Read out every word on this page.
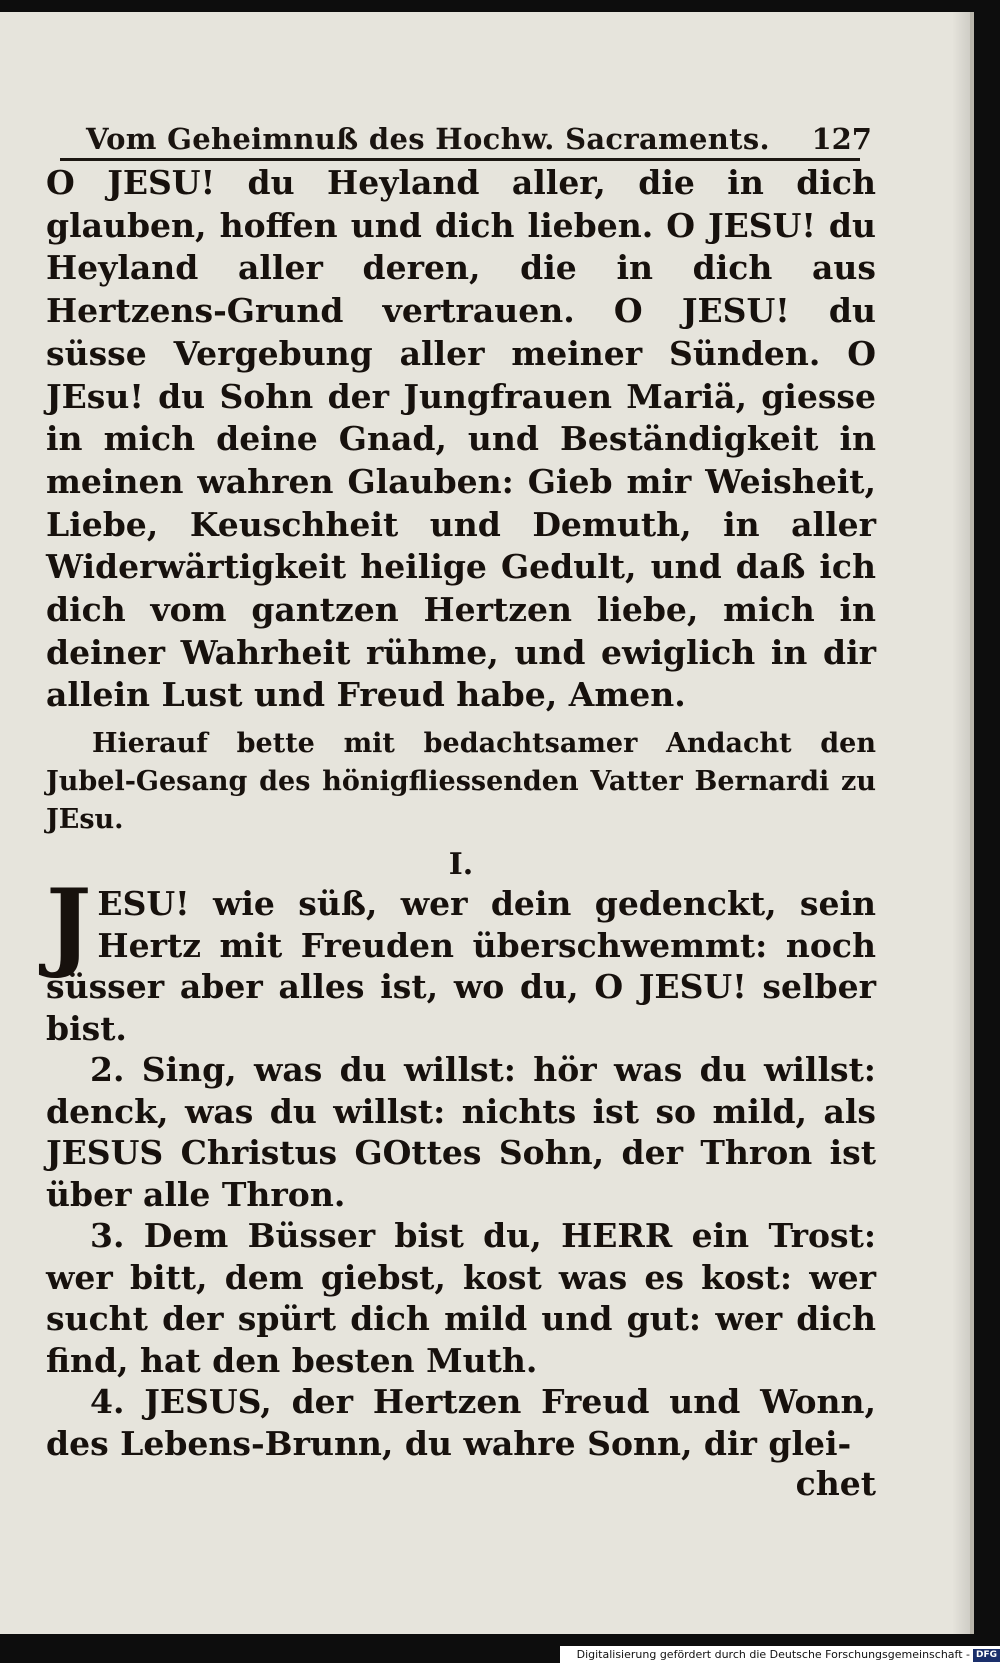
Vom Geheimnuß des Hochw. Sacraments. 127

O JESU! du Heyland aller, die in dich glauben, hoffen und dich lieben. O JESU! du Heyland aller deren, die in dich aus Hertzens-Grund vertrauen. O JESU! du süsse Vergebung aller meiner Sünden. O JEsu! du Sohn der Jungfrauen Mariä, giesse in mich deine Gnad, und Beständigkeit in meinen wahren Glauben: Gieb mir Weisheit, Liebe, Keuschheit und Demuth, in aller Widerwärtigkeit heilige Gedult, und daß ich dich vom gantzen Hertzen liebe, mich in deiner Wahrheit rühme, und ewiglich in dir allein Lust und Freud habe, Amen.

Hierauf bette mit bedachtsamer Andacht den Jubel-Gesang des hönigfliessenden Vatter Bernardi zu JEsu.

I.

JESU! wie süß, wer dein gedenckt, sein Hertz mit Freuden überschwemmt: noch süsser aber alles ist, wo du, O JESU! selber bist.

2. Sing, was du willst: hör was du willst: denck, was du willst: nichts ist so mild, als JESUS Christus GOttes Sohn, der Thron ist über alle Thron.

3. Dem Büsser bist du, HERR ein Trost: wer bitt, dem giebst, kost was es kost: wer sucht der spürt dich mild und gut: wer dich find, hat den besten Muth.

4. JESUS, der Hertzen Freud und Wonn, des Lebens-Brunn, du wahre Sonn, dir glei-

chet

Digitalisierung gefördert durch die Deutsche Forschungsgemeinschaft - DFG
